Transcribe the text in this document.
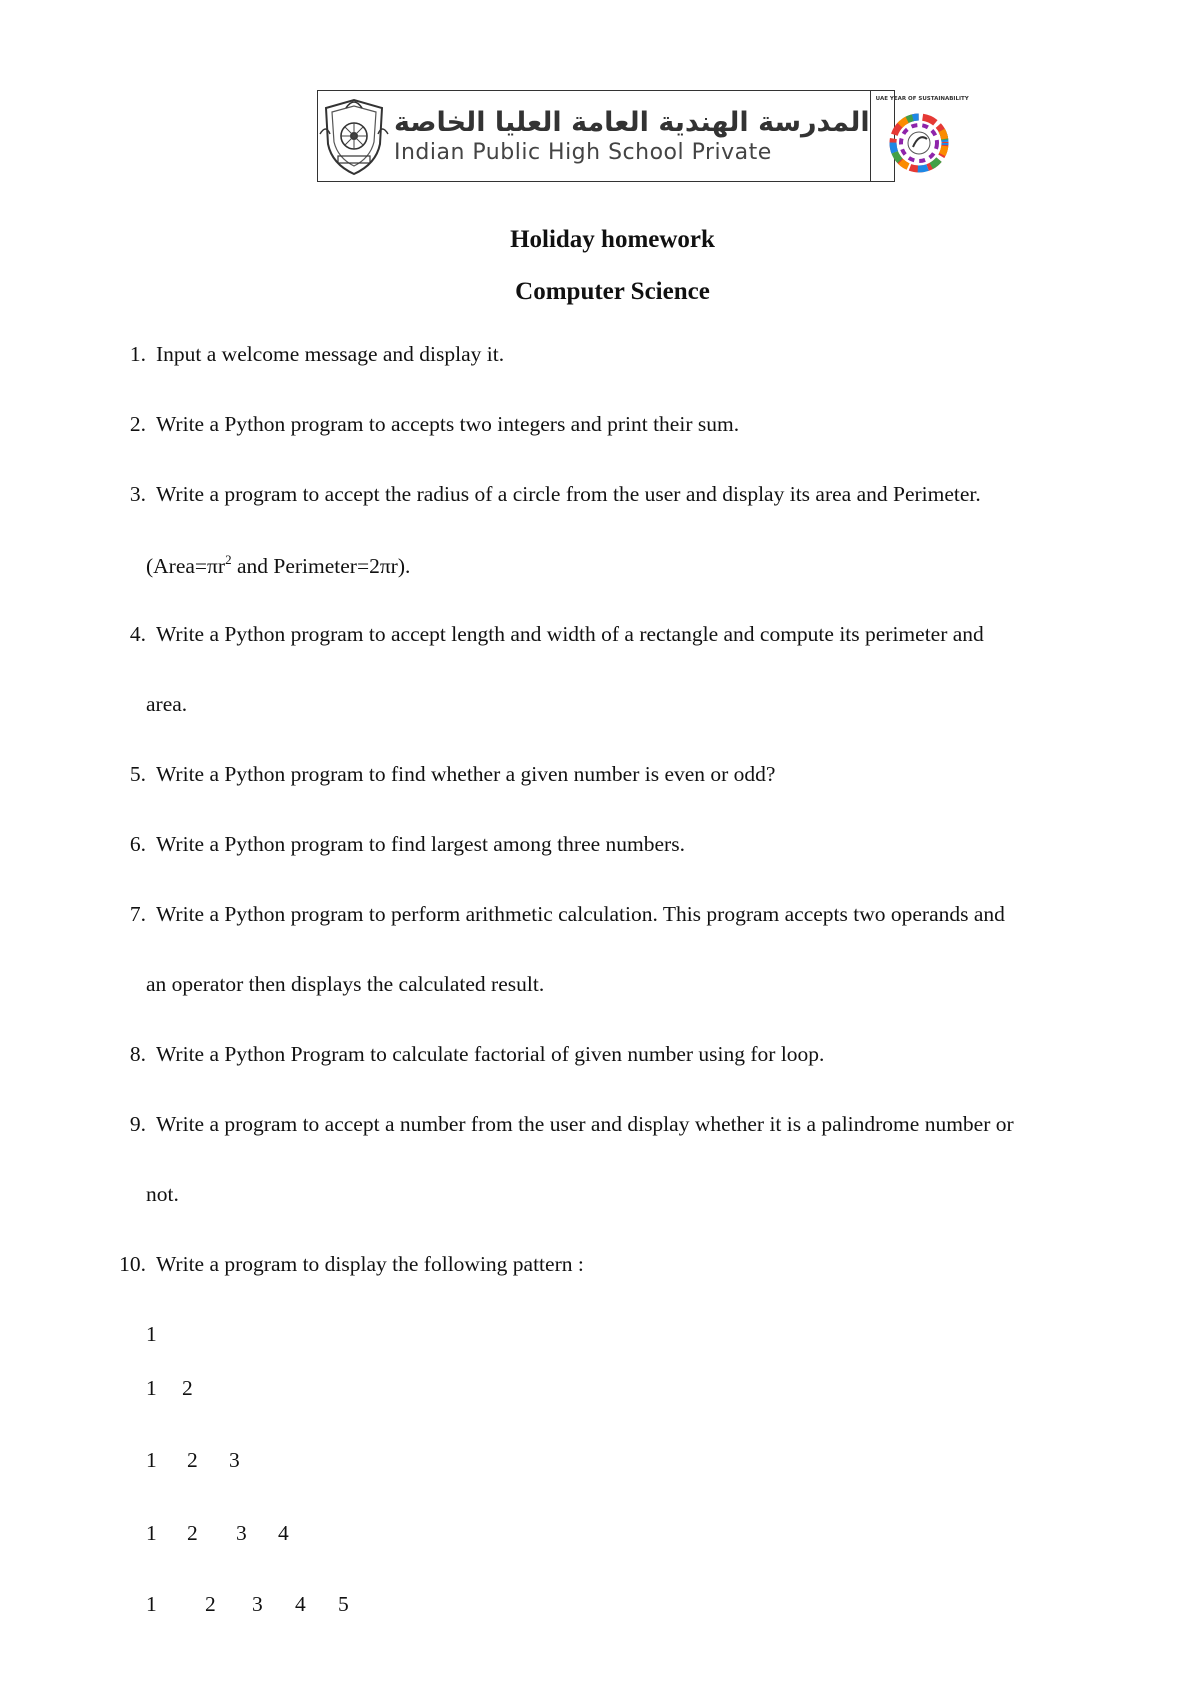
المدرسة الهندية العامة العليا الخاصة
Indian Public High School Private
UAE YEAR OF SUSTAINABILITY
Holiday homework
Computer Science
1. Input a welcome message and display it.
2. Write a Python program to accepts two integers and print their sum.
3. Write a program to accept the radius of a circle from the user and display its area and Perimeter.
($Area=\pi r^2$ and Perimeter=2πr).
4. Write a Python program to accept length and width of a rectangle and compute its perimeter and
area.
5. Write a Python program to find whether a given number is even or odd?
6. Write a Python program to find largest among three numbers.
7. Write a Python program to perform arithmetic calculation. This program accepts two operands and
an operator then displays the calculated result.
8. Write a Python Program to calculate factorial of given number using for loop.
9. Write a program to accept a number from the user and display whether it is a palindrome number or
not.
10. Write a program to display the following pattern :
1
1 2
1 2 3
1 2 3 4
1 2 3 4 5
